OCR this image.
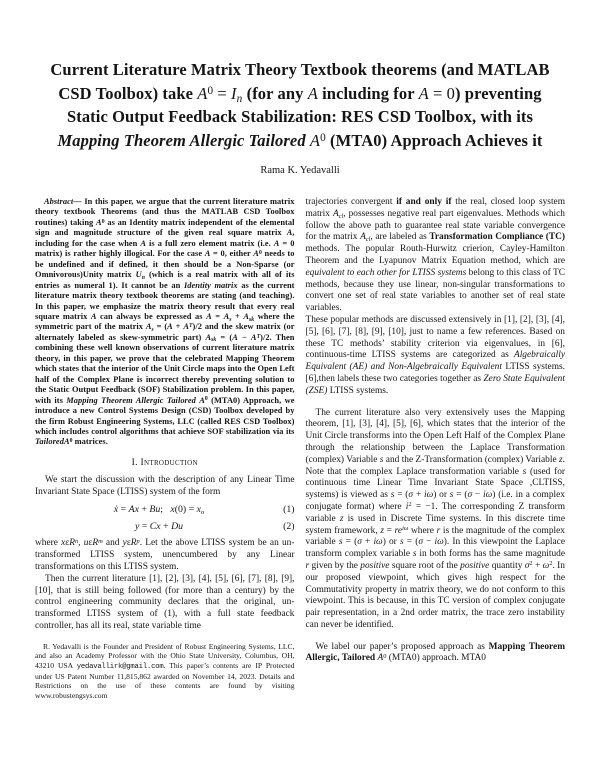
Current Literature Matrix Theory Textbook theorems (and MATLAB
CSD Toolbox) take $A^0 = In$ (for any A including for A = 0) preventing
Static Output Feedback Stabilization: RES CSD Toolbox, with its
Mapping Theorem Allergic Tailored $A^0$ (MTA0) Approach Achieves it
Rama K. Yedavalli

Abstract— In this paper, we argue that the current literature matrix theory textbook Theorems (and thus the MATLAB CSD Toolbox routines) taking $A^0$ as an Identity matrix independent of the elemental sign and magnitude structure of the given real square matrix A, including for the case when A is a full zero element matrix (i.e. A = 0 matrix) is rather highly illogical. For the case A = 0, either $A^0$ needs to be undefined and if defined, it then should be a Non-Sparse (or Omnivorous)Unity matrix Un (which is a real matrix with all of its entries as numeral 1). It cannot be an Identity matrix as the current literature matrix theory textbook theorems are stating (and teaching). In this paper, we emphasize the matrix theory result that every real square matrix A can always be expressed as A = As + Ask where the symmetric part of the matrix $As = (A + A^T)/2$ and the skew matrix (or alternately labeled as skew-symmetric part) Ask = $(A - A^T)/2$. Then combining these well known observations of current literature matrix theory, in this paper, we prove that the celebrated Mapping Theorem which states that the interior of the Unit Circle maps into the Open Left half of the Complex Plane is incorrect thereby preventing solution to the Static Output Feedback (SOF) Stabilization problem. In this paper, with its Mapping Theorem Allergic Tailored $A^0$ (MTA0) Approach, we introduce a new Control Systems Design (CSD) Toolbox developed by the firm Robust Engineering Systems, LLC (called RES CSD Toolbox) which includes control algorithms that achieve SOF stabilization via its TailoredA$^0$ matrices.

I. Introduction

We start the discussion with the description of any Linear Time Invariant State Space (LTISS) system of the form

ẋ = Ax + Bu;   x(0) = xo	(1)
y = Cx + Du	(2)

where xεR$^n$, uεR$^m$ and yεR$^p$. Let the above LTISS system be an un-transformed LTISS system, unencumbered by any Linear transformations on this LTISS system.

Then the current literature [1], [2], [3], [4], [5], [6], [7], [8], [9], [10], that is still being followed (for more than a century) by the control engineering community declares that the original, un-transformed LTISS system of (1), with a full state feedback controller, has all its real, state variable time

R. Yedavalli is the Founder and President of Robust Engineering Systems, LLC, and also an Academy Professor with the Ohio State University, Columbus, OH, 43210 USA yedavallirk@gmail.com. This paper’s contents are IP Protected under US Patent Number 11,815,862 awarded on November 14, 2023. Details and Restrictions on the use of these contents are found by visiting www.robustengsys.com

trajectories convergent if and only if the real, closed loop system matrix Acl, possesses negative real part eigenvalues. Methods which follow the above path to guarantee real state variable convergence for the matrix Acl, are labeled as Transformation Compliance (TC) methods. The popular Routh-Hurwitz crierion, Cayley-Hamilton Theorem and the Lyapunov Matrix Equation method, which are equivalent to each other for LTISS systems belong to this class of TC methods, because they use linear, non-singular transformations to convert one set of real state variables to another set of real state variables.

These popular methods are discussed extensively in [1], [2], [3], [4], [5], [6], [7], [8], [9], [10], just to name a few references. Based on these TC methods’ stability criterion via eigenvalues, in [6], continuous-time LTISS systems are categorized as Algebraically Equivalent (AE) and Non-Algebraically Equivalent LTISS systems. [6],then labels these two categories together as Zero State Equivalent (ZSE) LTISS systems.

The current literature also very extensively uses the Mapping theorem, [1], [3], [4], [5], [6], which states that the interior of the Unit Circle transforms into the Open Left Half of the Complex Plane through the relationship between the Laplace Transformation (complex) Variable s and the Z-Transformation (complex) Variable z. Note that the complex Laplace transformation variable s (used for continuous time Linear Time Invariant State Space ,CLTISS, systems) is viewed as s = (σ + iω) or s = (σ − iω) (i.e. in a complex conjugate format) where $i^2 = -1$. The corresponding Z transform variable z is used in Discrete Time systems. In this discrete time system framework, $z = re^{i\omega}$ where r is the magnitude of the complex variable s = (σ + iω) or s = (σ − iω). In this viewpoint the Laplace transform complex variable s in both forms has the same magnitude r given by the positive square root of the positive quantity $\sigma^2 + \omega^2$. In our proposed viewpoint, which gives high respect for the Commutativity property in matrix theory, we do not conform to this viewpoint. This is because, in this TC version of complex conjugate pair representation, in a 2nd order matrix, the trace zero instability can never be identified.

We label our paper’s proposed approach as Mapping Theorem Allergic, Tailored $A^0$ (MTA0) approach. MTA0
